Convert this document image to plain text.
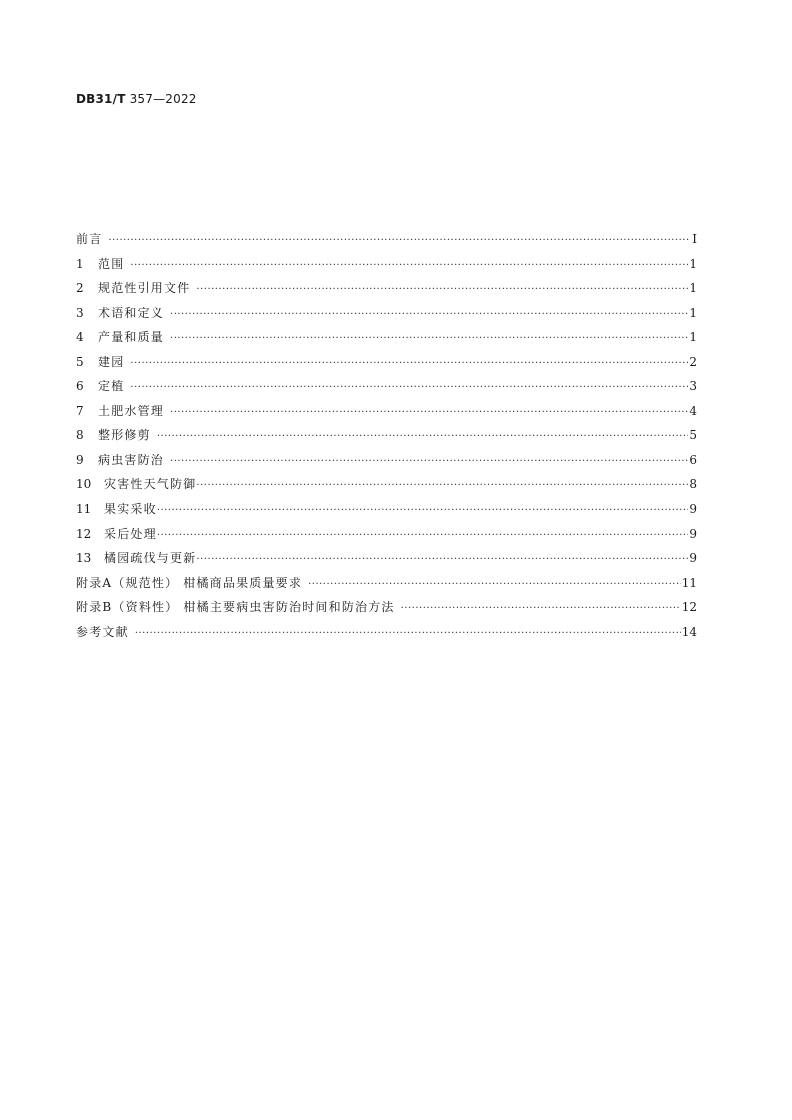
DB31/T 357—2022
前言 ·····	I
1	范围 ·····	1
2	规范性引用文件 ·····	1
3	术语和定义 ·····	1
4	产量和质量 ·····	1
5	建园 ·····	2
6	定植 ·····	3
7	土肥水管理 ·····	4
8	整形修剪 ·····	5
9	病虫害防治 ·····	6
10	灾害性天气防御 ·····	8
11	果实采收 ·····	9
12	采后处理 ·····	9
13	橘园疏伐与更新 ·····	9
附录A（规范性） 柑橘商品果质量要求 ·····	11
附录B（资料性） 柑橘主要病虫害防治时间和防治方法 ·····	12
参考文献 ·····	14
